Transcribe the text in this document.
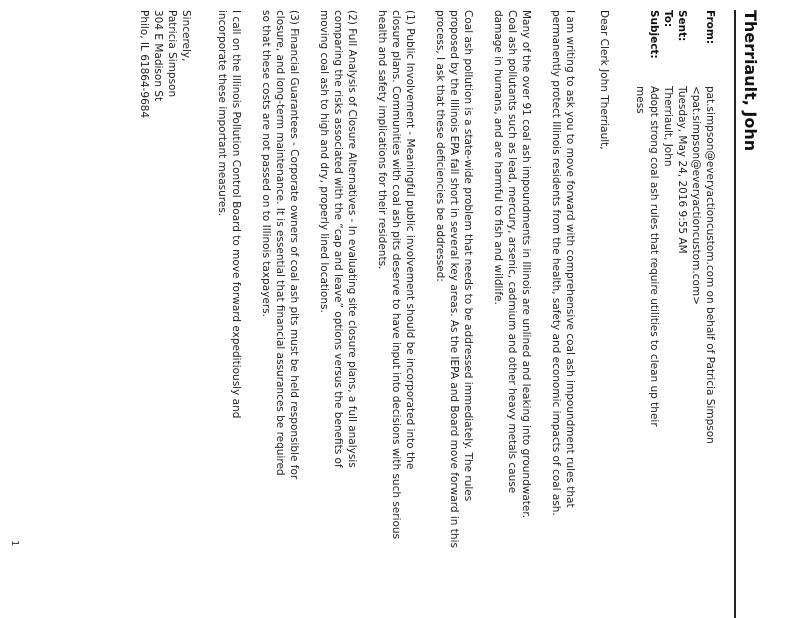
Therriault, John
From:
pat.simpson@everyactioncustom.com on behalf of Patricia Simpson
<pat.simpson@everyactioncustom.com>
Sent:
Tuesday, May 24, 2016 9:55 AM
To:
Therriault, John
Subject:
Adopt strong coal ash rules that require utilities to clean up their
mess
Dear Clerk John Therriault,
I am writing to ask you to move forward with comprehensive coal ash impoundment rules that
permanently protect Illinois residents from the health, safety and economic impacts of coal ash.
Many of the over 91 coal ash impoundments in Illinois are unlined and leaking into groundwater.
Coal ash pollutants such as lead, mercury, arsenic, cadmium and other heavy metals cause
damage in humans, and are harmful to fish and wildlife.
Coal ash pollution is a state-wide problem that needs to be addressed immediately. The rules
proposed by the Illinois EPA fall short in several key areas. As the IEPA and Board move forward in this
process, I ask that these deficiencies be addressed:
(1) Public Involvement - Meaningful public involvement should be incorporated into the
closure plans. Communities with coal ash pits deserve to have input into decisions with such serious
health and safety implications for their residents.
(2) Full Analysis of Closure Alternatives - In evaluating site closure plans, a full analysis
comparing the risks associated with the “cap and leave” options versus the benefits of
moving coal ash to high and dry, properly lined locations.
(3) Financial Guarantees - Corporate owners of coal ash pits must be held responsible for
closure, and long-term maintenance. It is essential that financial assurances be required
so that these costs are not passed on to Illinois taxpayers.
I call on the Illinois Pollution Control Board to move forward expeditiously and
incorporate these important measures.
Sincerely,
Patricia Simpson
304 E Madison St
Philo, IL 61864-9684
1
